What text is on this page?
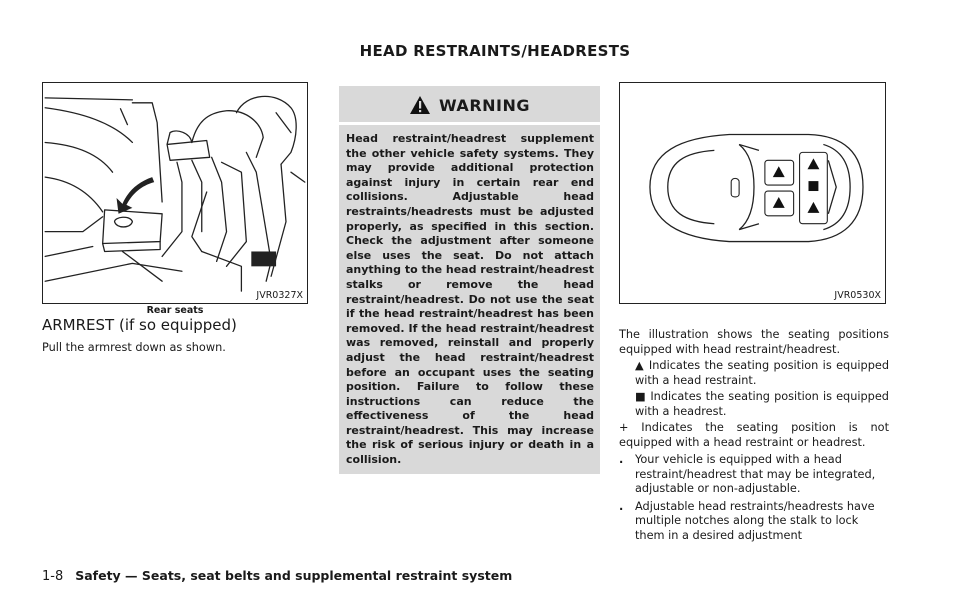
HEAD RESTRAINTS/HEADRESTS
JVR0327X
Rear seats
ARMREST (if so equipped)
Pull the armrest down as shown.
WARNING
Head restraint/headrest supplement the other vehicle safety systems. They may provide additional protection against injury in certain rear end collisions. Adjustable head restraints/headrests must be adjusted properly, as specified in this section. Check the adjustment after someone else uses the seat. Do not attach anything to the head restraint/headrest stalks or remove the head restraint/headrest. Do not use the seat if the head restraint/headrest has been removed. If the head restraint/headrest was removed, reinstall and properly adjust the head restraint/headrest before an occupant uses the seating position. Failure to follow these instructions can reduce the effectiveness of the head restraint/headrest. This may increase the risk of serious injury or death in a collision.
JVR0530X

The illustration shows the seating positions equipped with head restraint/headrest.

▲ Indicates the seating position is equipped with a head restraint.

■ Indicates the seating position is equipped with a headrest.

+ Indicates the seating position is not equipped with a head restraint or headrest.

.	Your vehicle is equipped with a head restraint/headrest that may be integrated, adjustable or non-adjustable.
.	Adjustable head restraints/headrests have multiple notches along the stalk to lock them in a desired adjustment
1-8 Safety — Seats, seat belts and supplemental restraint system
